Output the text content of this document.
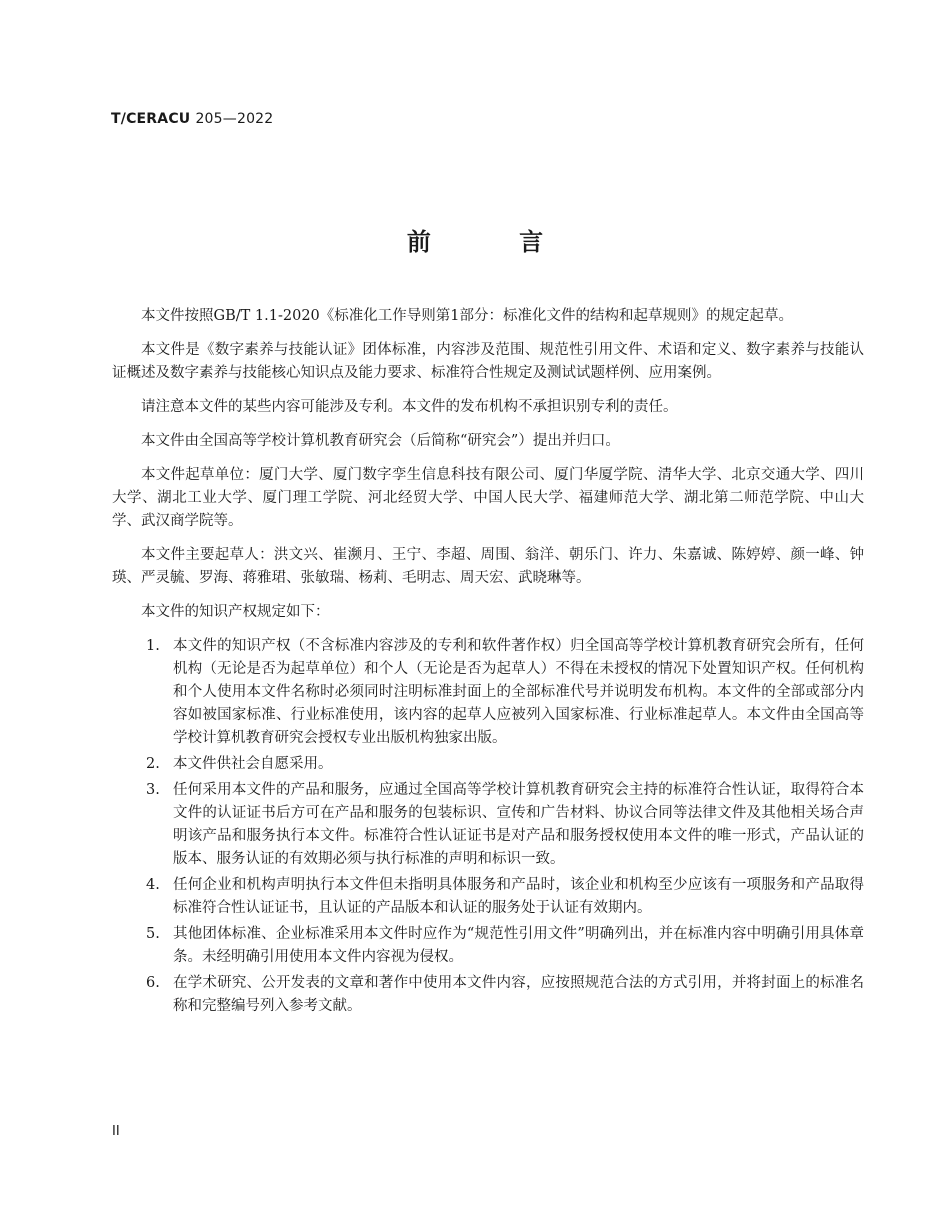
T/CERACU 205—2022
前 言

本文件按照GB/T 1.1-2020《标准化工作导则第1部分：标准化文件的结构和起草规则》的规定起草。

本文件是《数字素养与技能认证》团体标准，内容涉及范围、规范性引用文件、术语和定义、数字素养与技能认证概述及数字素养与技能核心知识点及能力要求、标准符合性规定及测试试题样例、应用案例。

请注意本文件的某些内容可能涉及专利。本文件的发布机构不承担识别专利的责任。

本文件由全国高等学校计算机教育研究会（后简称“研究会”）提出并归口。

本文件起草单位：厦门大学、厦门数字孪生信息科技有限公司、厦门华厦学院、清华大学、北京交通大学、四川大学、湖北工业大学、厦门理工学院、河北经贸大学、中国人民大学、福建师范大学、湖北第二师范学院、中山大学、武汉商学院等。

本文件主要起草人：洪文兴、崔濒月、王宁、李超、周围、翁洋、朝乐门、许力、朱嘉诚、陈婷婷、颜一峰、钟瑛、严灵毓、罗海、蒋雅珺、张敏瑞、杨莉、毛明志、周天宏、武晓琳等。

本文件的知识产权规定如下：

1. 本文件的知识产权（不含标准内容涉及的专利和软件著作权）归全国高等学校计算机教育研究会所有，任何机构（无论是否为起草单位）和个人（无论是否为起草人）不得在未授权的情况下处置知识产权。任何机构和个人使用本文件名称时必须同时注明标准封面上的全部标准代号并说明发布机构。本文件的全部或部分内容如被国家标准、行业标准使用，该内容的起草人应被列入国家标准、行业标准起草人。本文件由全国高等学校计算机教育研究会授权专业出版机构独家出版。
2. 本文件供社会自愿采用。
3. 任何采用本文件的产品和服务，应通过全国高等学校计算机教育研究会主持的标准符合性认证，取得符合本文件的认证证书后方可在产品和服务的包装标识、宣传和广告材料、协议合同等法律文件及其他相关场合声明该产品和服务执行本文件。标准符合性认证证书是对产品和服务授权使用本文件的唯一形式，产品认证的版本、服务认证的有效期必须与执行标准的声明和标识一致。
4. 任何企业和机构声明执行本文件但未指明具体服务和产品时，该企业和机构至少应该有一项服务和产品取得标准符合性认证证书，且认证的产品版本和认证的服务处于认证有效期内。
5. 其他团体标准、企业标准采用本文件时应作为“规范性引用文件”明确列出，并在标准内容中明确引用具体章条。未经明确引用使用本文件内容视为侵权。
6. 在学术研究、公开发表的文章和著作中使用本文件内容，应按照规范合法的方式引用，并将封面上的标准名称和完整编号列入参考文献。
II
